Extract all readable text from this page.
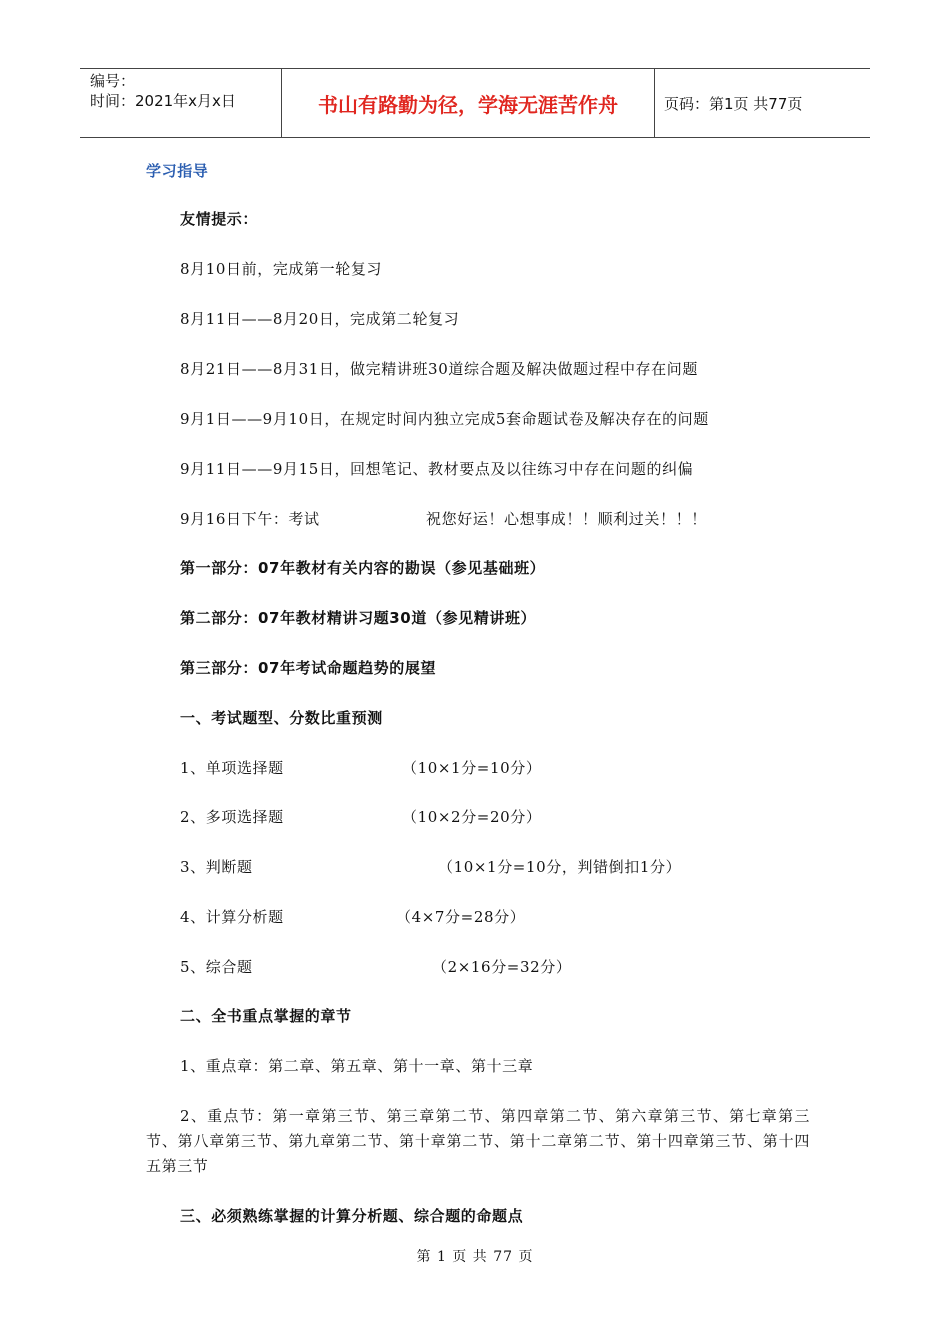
编号：
时间：2021年x月x日	书山有路勤为径，学海无涯苦作舟	页码：第1页 共77页
学习指导
友情提示：
8月10日前，完成第一轮复习
8月11日——8月20日，完成第二轮复习
8月21日——8月31日，做完精讲班30道综合题及解决做题过程中存在问题
9月1日——9月10日，在规定时间内独立完成5套命题试卷及解决存在的问题
9月11日——9月15日，回想笔记、教材要点及以往练习中存在问题的纠偏
9月16日下午：考试	祝您好运！心想事成！！顺利过关！！！
第一部分：07年教材有关内容的勘误（参见基础班）
第二部分：07年教材精讲习题30道（参见精讲班）
第三部分：07年考试命题趋势的展望
一、考试题型、分数比重预测
1、单项选择题	（10×1分=10分）
2、多项选择题	（10×2分=20分）
3、判断题	（10×1分=10分，判错倒扣1分）
4、计算分析题	（4×7分=28分）
5、综合题	（2×16分=32分）
二、全书重点掌握的章节
1、重点章：第二章、第五章、第十一章、第十三章
2、重点节：第一章第三节、第三章第二节、第四章第二节、第六章第三节、第七章第三节、第八章第三节、第九章第二节、第十章第二节、第十二章第二节、第十四章第三节、第十四五第三节
三、必须熟练掌握的计算分析题、综合题的命题点
第 1 页 共 77 页
